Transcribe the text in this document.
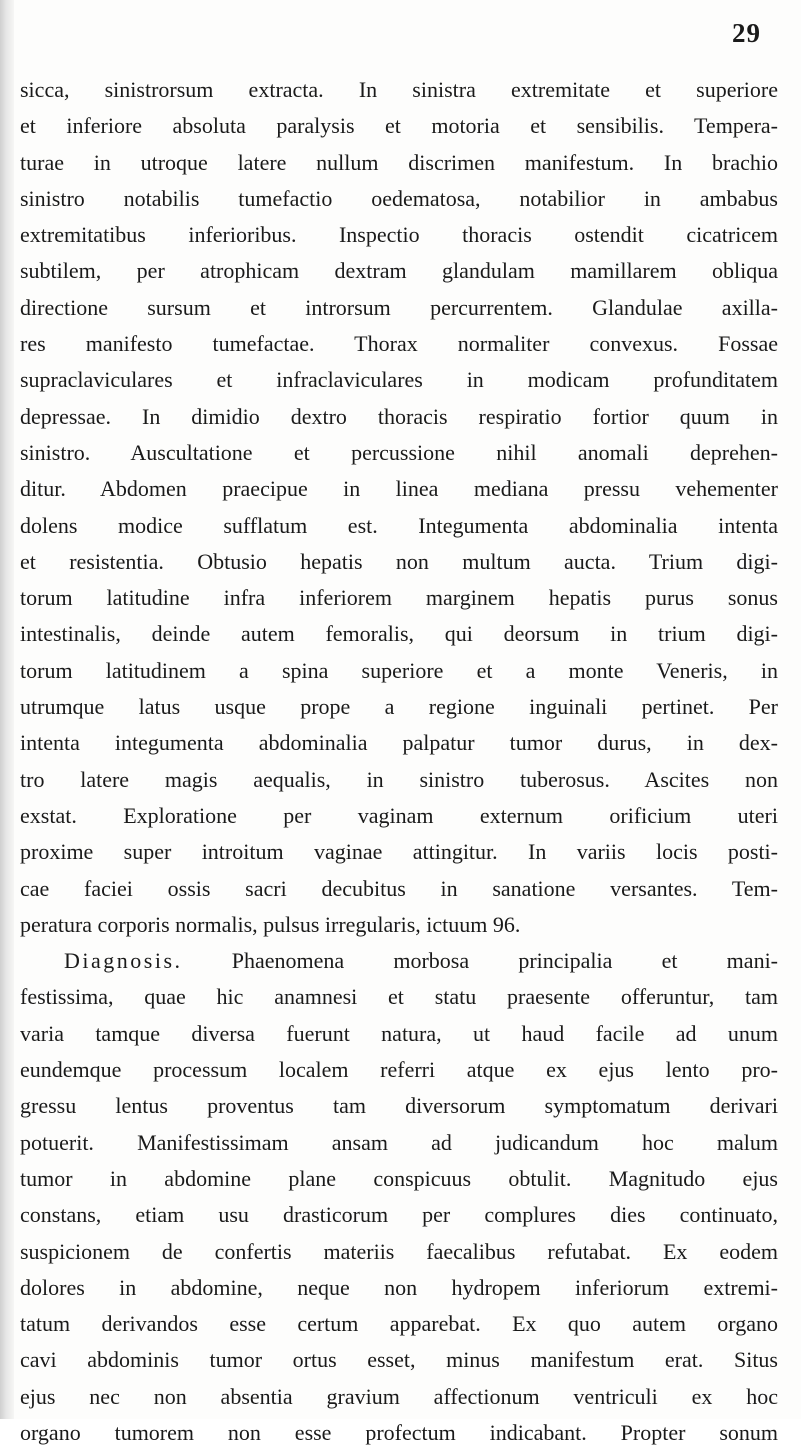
29
sicca, sinistrorsum extracta. In sinistra extremitate et superiore
et inferiore absoluta paralysis et motoria et sensibilis. Tempera-
turae in utroque latere nullum discrimen manifestum. In brachio
sinistro notabilis tumefactio oedematosa, notabilior in ambabus
extremitatibus inferioribus. Inspectio thoracis ostendit cicatricem
subtilem, per atrophicam dextram glandulam mamillarem obliqua
directione sursum et introrsum percurrentem. Glandulae axilla-
res manifesto tumefactae. Thorax normaliter convexus. Fossae
supraclaviculares et infraclaviculares in modicam profunditatem
depressae. In dimidio dextro thoracis respiratio fortior quum in
sinistro. Auscultatione et percussione nihil anomali deprehen-
ditur. Abdomen praecipue in linea mediana pressu vehementer
dolens modice sufflatum est. Integumenta abdominalia intenta
et resistentia. Obtusio hepatis non multum aucta. Trium digi-
torum latitudine infra inferiorem marginem hepatis purus sonus
intestinalis, deinde autem femoralis, qui deorsum in trium digi-
torum latitudinem a spina superiore et a monte Veneris, in
utrumque latus usque prope a regione inguinali pertinet. Per
intenta integumenta abdominalia palpatur tumor durus, in dex-
tro latere magis aequalis, in sinistro tuberosus. Ascites non
exstat. Exploratione per vaginam externum orificium uteri
proxime super introitum vaginae attingitur. In variis locis posti-
cae faciei ossis sacri decubitus in sanatione versantes. Tem-
peratura corporis normalis, pulsus irregularis, ictuum 96.
Diagnosis. Phaenomena morbosa principalia et mani-
festissima, quae hic anamnesi et statu praesente offeruntur, tam
varia tamque diversa fuerunt natura, ut haud facile ad unum
eundemque processum localem referri atque ex ejus lento pro-
gressu lentus proventus tam diversorum symptomatum derivari
potuerit. Manifestissimam ansam ad judicandum hoc malum
tumor in abdomine plane conspicuus obtulit. Magnitudo ejus
constans, etiam usu drasticorum per complures dies continuato,
suspicionem de confertis materiis faecalibus refutabat. Ex eodem
dolores in abdomine, neque non hydropem inferiorum extremi-
tatum derivandos esse certum apparebat. Ex quo autem organo
cavi abdominis tumor ortus esset, minus manifestum erat. Situs
ejus nec non absentia gravium affectionum ventriculi ex hoc
organo tumorem non esse profectum indicabant. Propter sonum
